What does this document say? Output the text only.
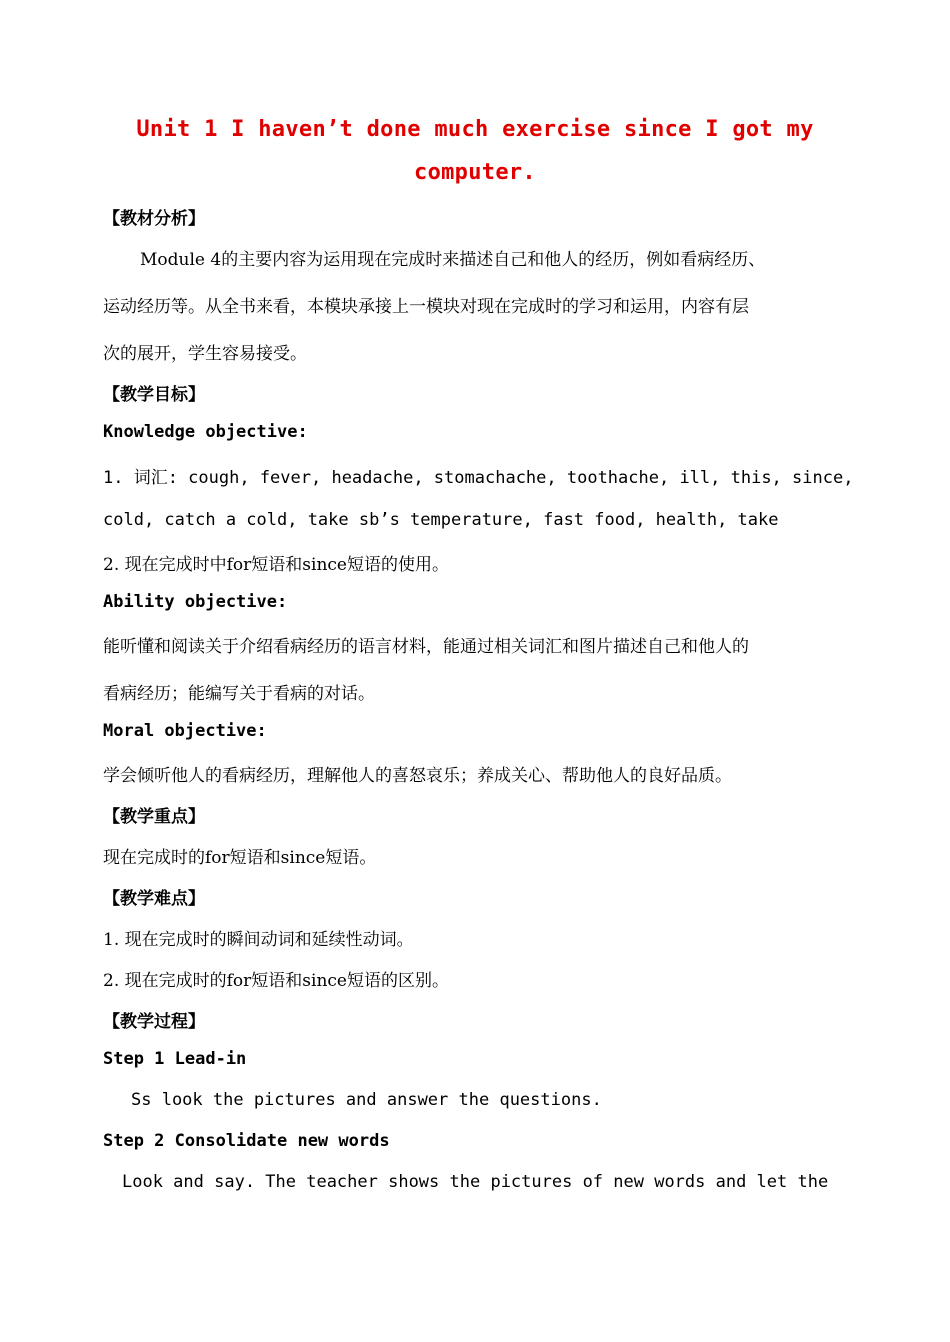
Unit 1 I haven’t done much exercise since I got my
computer.
【教材分析】
Module 4的主要内容为运用现在完成时来描述自己和他人的经历，例如看病经历、
运动经历等。从全书来看，本模块承接上一模块对现在完成时的学习和运用，内容有层
次的展开，学生容易接受。
【教学目标】
Knowledge objective:
1. 词汇: cough, fever, headache, stomachache, toothache, ill, this, since,
cold, catch a cold, take sb’s temperature, fast food, health, take
2. 现在完成时中for短语和since短语的使用。
Ability objective:
能听懂和阅读关于介绍看病经历的语言材料，能通过相关词汇和图片描述自己和他人的
看病经历；能编写关于看病的对话。
Moral objective:
学会倾听他人的看病经历，理解他人的喜怒哀乐；养成关心、帮助他人的良好品质。
【教学重点】
现在完成时的for短语和since短语。
【教学难点】
1. 现在完成时的瞬间动词和延续性动词。
2. 现在完成时的for短语和since短语的区别。
【教学过程】
Step 1 Lead-in
Ss look the pictures and answer the questions.
Step 2 Consolidate new words
Look and say. The teacher shows the pictures of new words and let the
